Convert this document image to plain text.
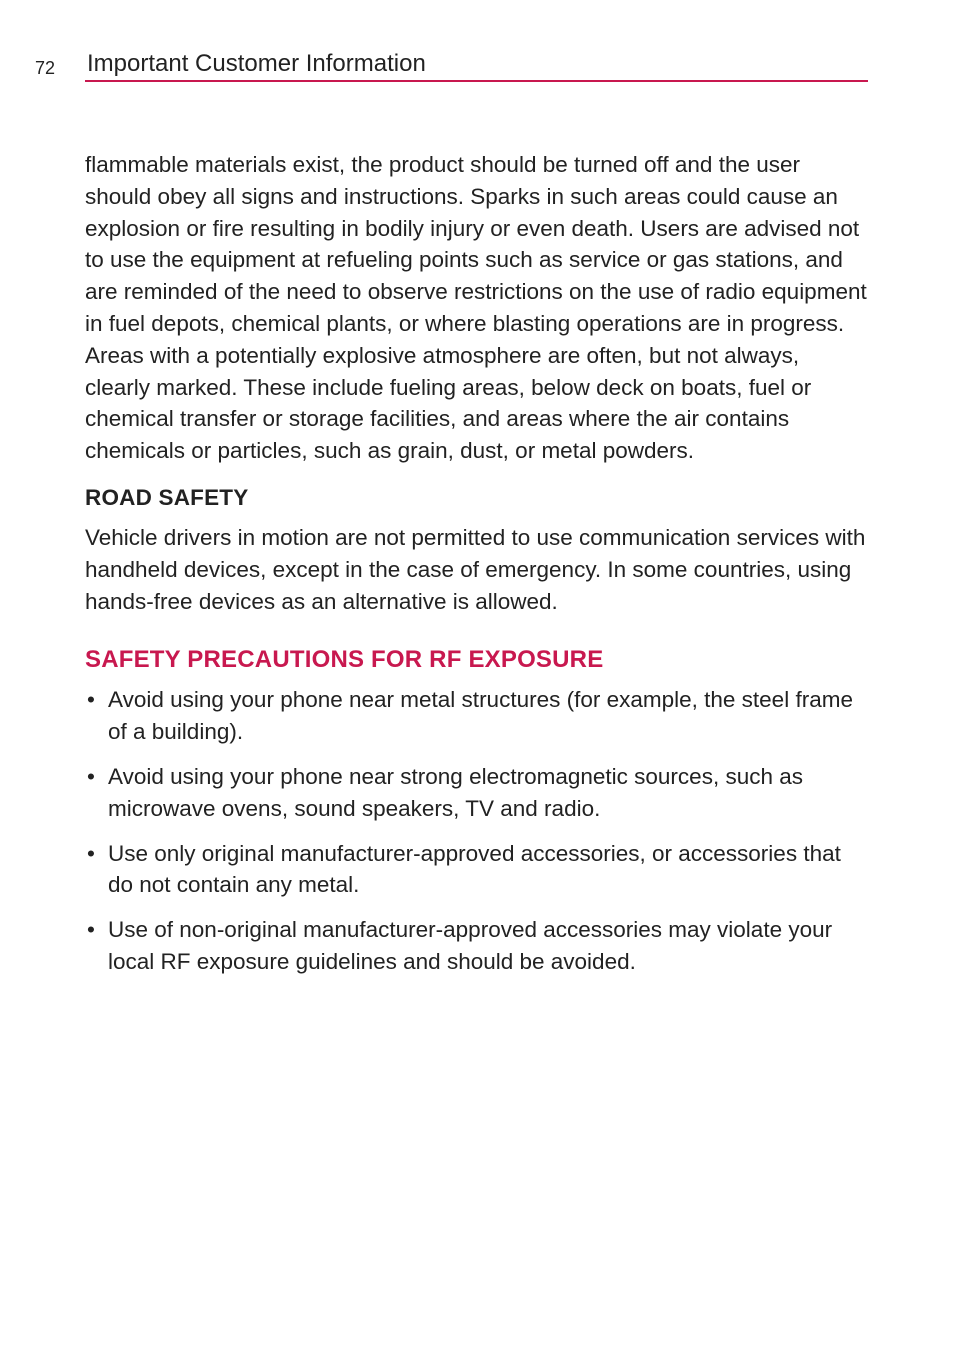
72 Important Customer Information

flammable materials exist, the product should be turned off and the user should obey all signs and instructions. Sparks in such areas could cause an explosion or fire resulting in bodily injury or even death. Users are advised not to use the equipment at refueling points such as service or gas stations, and are reminded of the need to observe restrictions on the use of radio equipment in fuel depots, chemical plants, or where blasting operations are in progress. Areas with a potentially explosive atmosphere are often, but not always, clearly marked. These include fueling areas, below deck on boats, fuel or chemical transfer or storage facilities, and areas where the air contains chemicals or particles, such as grain, dust, or metal powders.

ROAD SAFETY

Vehicle drivers in motion are not permitted to use communication services with handheld devices, except in the case of emergency. In some countries, using hands-free devices as an alternative is allowed.

SAFETY PRECAUTIONS FOR RF EXPOSURE
• Avoid using your phone near metal structures (for example, the steel frame of a building).
• Avoid using your phone near strong electromagnetic sources, such as microwave ovens, sound speakers, TV and radio.
• Use only original manufacturer-approved accessories, or accessories that do not contain any metal.
• Use of non-original manufacturer-approved accessories may violate your local RF exposure guidelines and should be avoided.
